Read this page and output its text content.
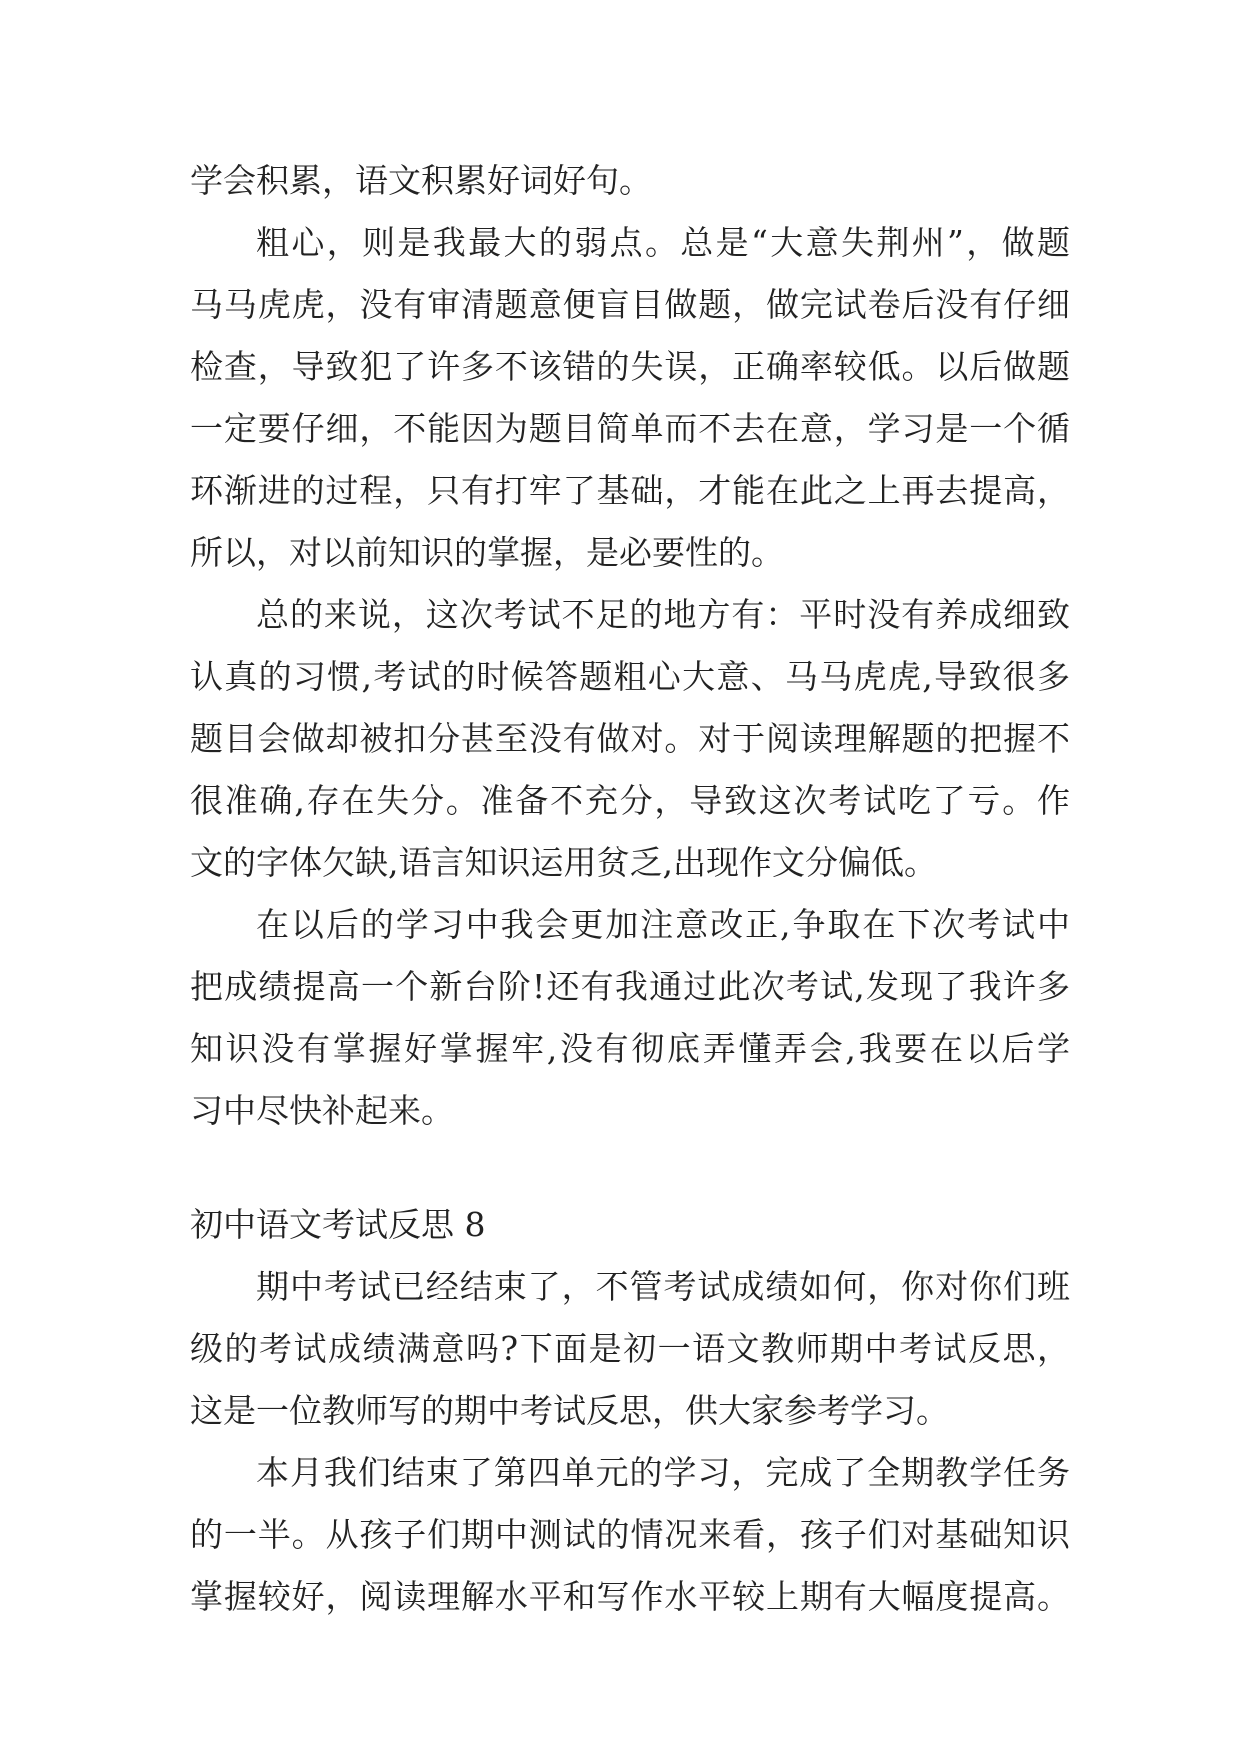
学会积累，语文积累好词好句。
粗心，则是我最大的弱点。总是“大意失荆州”，做题
马马虎虎，没有审清题意便盲目做题，做完试卷后没有仔细
检查，导致犯了许多不该错的失误，正确率较低。以后做题
一定要仔细，不能因为题目简单而不去在意，学习是一个循
环渐进的过程，只有打牢了基础，才能在此之上再去提高，
所以，对以前知识的掌握，是必要性的。
总的来说，这次考试不足的地方有：平时没有养成细致
认真的习惯,考试的时候答题粗心大意、马马虎虎,导致很多
题目会做却被扣分甚至没有做对。对于阅读理解题的把握不
很准确,存在失分。准备不充分，导致这次考试吃了亏。作
文的字体欠缺,语言知识运用贫乏,出现作文分偏低。
在以后的学习中我会更加注意改正,争取在下次考试中
把成绩提高一个新台阶!还有我通过此次考试,发现了我许多
知识没有掌握好掌握牢,没有彻底弄懂弄会,我要在以后学
习中尽快补起来。
初中语文考试反思 8
期中考试已经结束了，不管考试成绩如何，你对你们班
级的考试成绩满意吗?下面是初一语文教师期中考试反思，
这是一位教师写的期中考试反思，供大家参考学习。
本月我们结束了第四单元的学习，完成了全期教学任务
的一半。从孩子们期中测试的情况来看，孩子们对基础知识
掌握较好，阅读理解水平和写作水平较上期有大幅度提高。
